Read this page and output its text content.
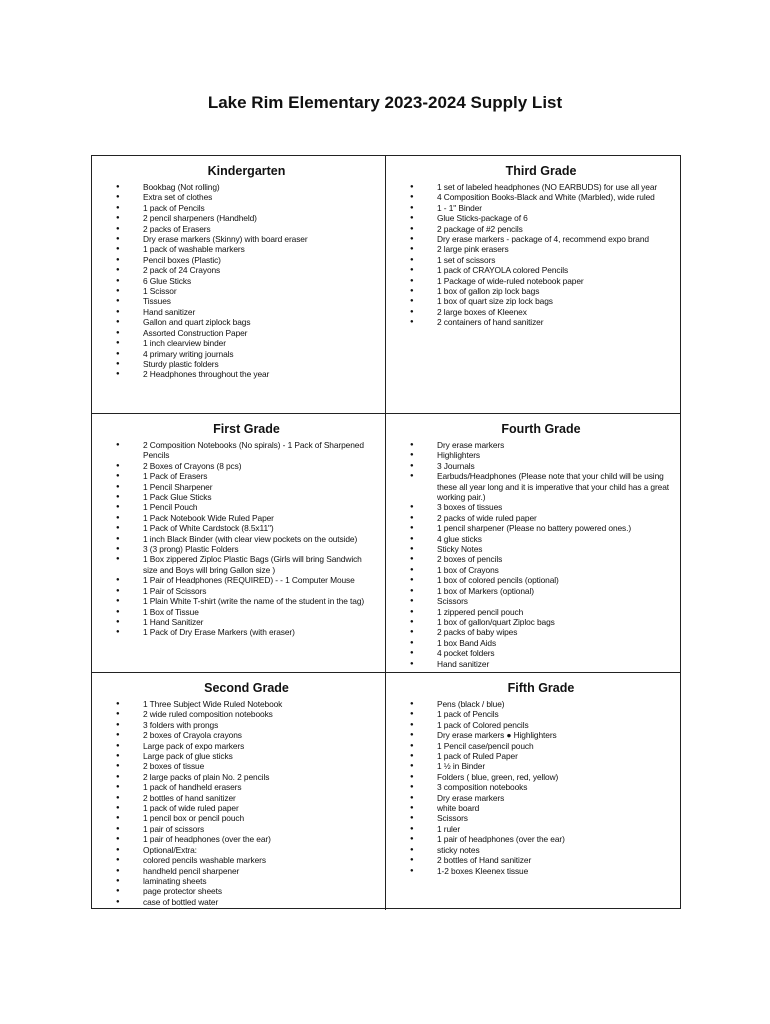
Lake Rim Elementary 2023-2024 Supply List
Kindergarten
● Bookbag (Not rolling)
● Extra set of clothes
● 1 pack of Pencils
● 2 pencil sharpeners (Handheld)
● 2 packs of Erasers
● Dry erase markers (Skinny) with board eraser
● 1 pack of washable markers
● Pencil boxes (Plastic)
● 2 pack of 24 Crayons
● 6 Glue Sticks
● 1 Scissor
● Tissues
● Hand sanitizer
● Gallon and quart ziplock bags
● Assorted Construction Paper
● 1 inch clearview binder
● 4 primary writing journals
● Sturdy plastic folders
● 2 Headphones throughout the year
Third Grade
● 1 set of labeled headphones (NO EARBUDS) for use all year
● 4 Composition Books-Black and White (Marbled), wide ruled
● 1 - 1" Binder
● Glue Sticks-package of 6
● 2 package of #2 pencils
● Dry erase markers - package of 4, recommend expo brand
● 2 large pink erasers
● 1 set of scissors
● 1 pack of CRAYOLA colored Pencils
● 1 Package of wide-ruled notebook paper
● 1 box of gallon zip lock bags
● 1 box of quart size zip lock bags
● 2 large boxes of Kleenex
● 2 containers of hand sanitizer
First Grade
● 2 Composition Notebooks (No spirals) - 1 Pack of Sharpened Pencils
● 2 Boxes of Crayons (8 pcs)
● 1 Pack of Erasers
● 1 Pencil Sharpener
● 1 Pack Glue Sticks
● 1 Pencil Pouch
● 1 Pack Notebook Wide Ruled Paper
● 1 Pack of White Cardstock (8.5x11")
● 1 inch Black Binder (with clear view pockets on the outside)
● 3 (3 prong) Plastic Folders
● 1 Box zippered Ziploc Plastic Bags (Girls will bring Sandwich size and Boys will bring Gallon size )
● 1 Pair of Headphones (REQUIRED) - - 1 Computer Mouse
● 1 Pair of Scissors
● 1 Plain White T-shirt (write the name of the student in the tag)
● 1 Box of Tissue
● 1 Hand Sanitizer
● 1 Pack of Dry Erase Markers (with eraser)
Fourth Grade
● Dry erase markers
● Highlighters
● 3 Journals
● Earbuds/Headphones (Please note that your child will be using these all year long and it is imperative that your child has a great working pair.)
● 3 boxes of tissues
● 2 packs of wide ruled paper
● 1 pencil sharpener (Please no battery powered ones.)
● 4 glue sticks
● Sticky Notes
● 2 boxes of pencils
● 1 box of Crayons
● 1 box of colored pencils (optional)
● 1 box of Markers (optional)
● Scissors
● 1 zippered pencil pouch
● 1 box of gallon/quart Ziploc bags
● 2 packs of baby wipes
● 1 box Band Aids
● 4 pocket folders
● Hand sanitizer
Second Grade
● 1 Three Subject Wide Ruled Notebook
● 2 wide ruled composition notebooks
● 3 folders with prongs
● 2 boxes of Crayola crayons
● Large pack of expo markers
● Large pack of glue sticks
● 2 boxes of tissue
● 2 large packs of plain No. 2 pencils
● 1 pack of handheld erasers
● 2 bottles of hand sanitizer
● 1 pack of wide ruled paper
● 1 pencil box or pencil pouch
● 1 pair of scissors
● 1 pair of headphones (over the ear)
● Optional/Extra:
● colored pencils washable markers
● handheld pencil sharpener
● laminating sheets
● page protector sheets
● case of bottled water
Fifth Grade
● Pens (black / blue)
● 1 pack of Pencils
● 1 pack of Colored pencils
● Dry erase markers ● Highlighters
● 1 Pencil case/pencil pouch
● 1 pack of Ruled Paper
● 1 ½ in Binder
● Folders ( blue, green, red, yellow)
● 3 composition notebooks
● Dry erase markers
● white board
● Scissors
● 1 ruler
● 1 pair of headphones (over the ear)
● sticky notes
● 2 bottles of Hand sanitizer
● 1-2 boxes Kleenex tissue
